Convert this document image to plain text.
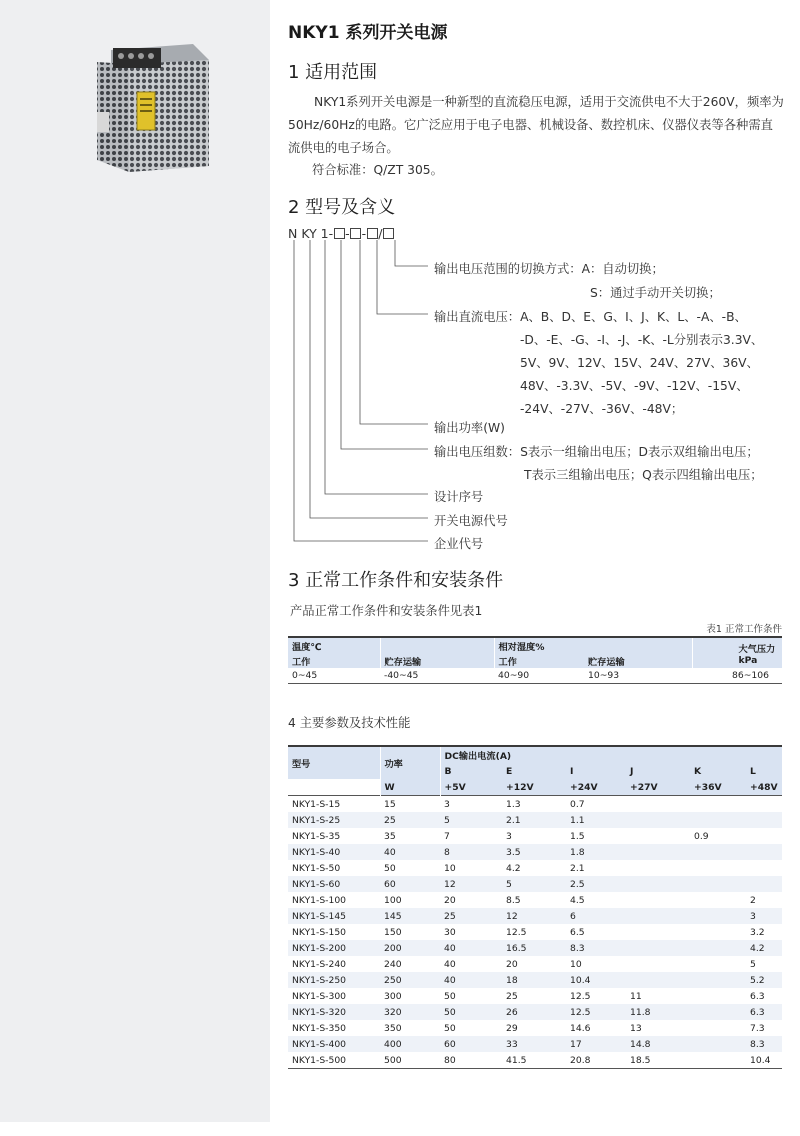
NKY1 系列开关电源
1 适用范围
NKY1系列开关电源是一种新型的直流稳压电源，适用于交流供电不大于260V，频率为50Hz/60Hz的电路。它广泛应用于电子电器、机械设备、数控机床、仪器仪表等各种需直流供电的电子场合。
符合标准：Q/ZT 305。
2 型号及含义
N KY 1- - - /
输出电压范围的切换方式：A：自动切换；
S：通过手动开关切换；
输出直流电压：A、B、D、E、G、I、J、K、L、-A、-B、
-D、-E、-G、-I、-J、-K、-L分别表示3.3V、
5V、9V、12V、15V、24V、27V、36V、
48V、-3.3V、-5V、-9V、-12V、-15V、
-24V、-27V、-36V、-48V；
输出功率(W)
输出电压组数：S表示一组输出电压；D表示双组输出电压；
T表示三组输出电压；Q表示四组输出电压；
设计序号
开关电源代号
企业代号
3 正常工作条件和安装条件
产品正常工作条件和安装条件见表1
表1 正常工作条件
温度℃		相对湿度%		大气压力kPa
工作	贮存运输	工作	贮存运输	
0~45	-40~45	40~90	10~93	86~106
4 主要参数及技术性能
型号	功率	DC输出电流(A)					
		B	E	I	J	K	L
	W	+5V	+12V	+24V	+27V	+36V	+48V
NKY1-S-15	15	3	1.3	0.7			
NKY1-S-25	25	5	2.1	1.1			
NKY1-S-35	35	7	3	1.5		0.9	
NKY1-S-40	40	8	3.5	1.8			
NKY1-S-50	50	10	4.2	2.1			
NKY1-S-60	60	12	5	2.5			
NKY1-S-100	100	20	8.5	4.5			2
NKY1-S-145	145	25	12	6			3
NKY1-S-150	150	30	12.5	6.5			3.2
NKY1-S-200	200	40	16.5	8.3			4.2
NKY1-S-240	240	40	20	10			5
NKY1-S-250	250	40	18	10.4			5.2
NKY1-S-300	300	50	25	12.5	11		6.3
NKY1-S-320	320	50	26	12.5	11.8		6.3
NKY1-S-350	350	50	29	14.6	13		7.3
NKY1-S-400	400	60	33	17	14.8		8.3
NKY1-S-500	500	80	41.5	20.8	18.5		10.4
